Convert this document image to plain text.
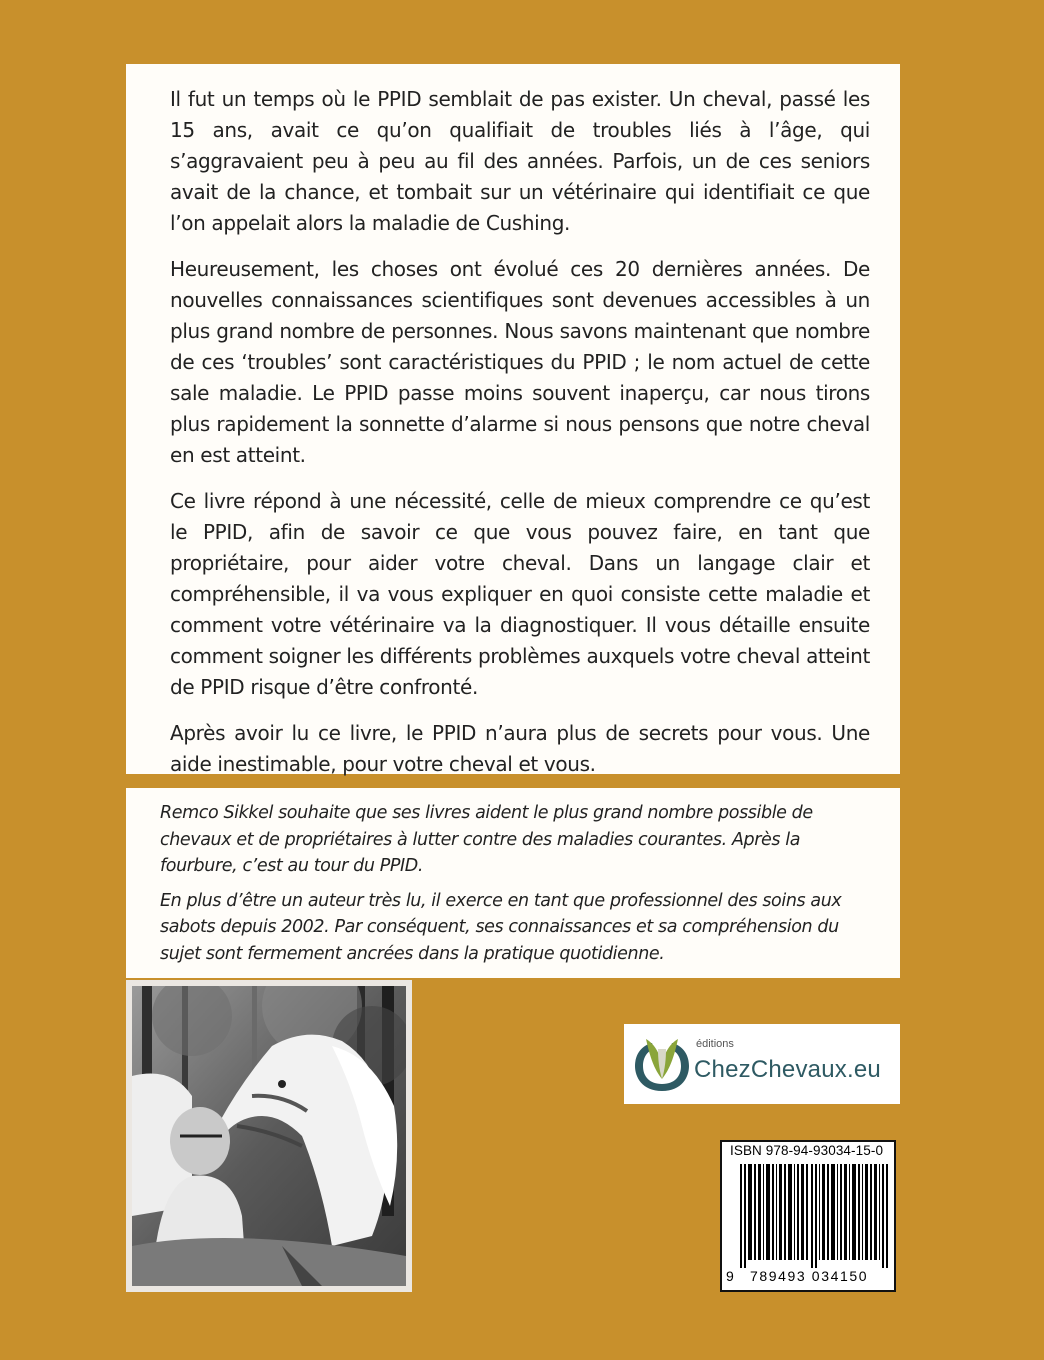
Il fut un temps où le PPID semblait de pas exister. Un cheval, passé les 15 ans, avait ce qu’on qualifiait de troubles liés à l’âge, qui s’aggravaient peu à peu au fil des années. Parfois, un de ces seniors avait de la chance, et tombait sur un vétérinaire qui identifiait ce que l’on appelait alors la maladie de Cushing.

Heureusement, les choses ont évolué ces 20 dernières années. De nouvelles connaissances scientifiques sont devenues accessibles à un plus grand nombre de personnes. Nous savons maintenant que nombre de ces ‘troubles’ sont caractéristiques du PPID ; le nom actuel de cette sale maladie. Le PPID passe moins souvent inaperçu, car nous tirons plus rapidement la sonnette d’alarme si nous pensons que notre cheval en est atteint.

Ce livre répond à une nécessité, celle de mieux comprendre ce qu’est le PPID, afin de savoir ce que vous pouvez faire, en tant que propriétaire, pour aider votre cheval. Dans un langage clair et compréhensible, il va vous expliquer en quoi consiste cette maladie et comment votre vétérinaire va la diagnostiquer. Il vous détaille ensuite comment soigner les différents problèmes auxquels votre cheval atteint de PPID risque d’être confronté.

Après avoir lu ce livre, le PPID n’aura plus de secrets pour vous. Une aide inestimable, pour votre cheval et vous.

Remco Sikkel souhaite que ses livres aident le plus grand nombre possible de chevaux et de propriétaires à lutter contre des maladies courantes. Après la fourbure, c’est au tour du PPID.

En plus d’être un auteur très lu, il exerce en tant que professionnel des soins aux sabots depuis 2002. Par conséquent, ses connaissances et sa compréhension du sujet sont fermement ancrées dans la pratique quotidienne.

éditions
ChezChevaux.eu
ISBN 978-94-93034-15-0
9 789493 034150
